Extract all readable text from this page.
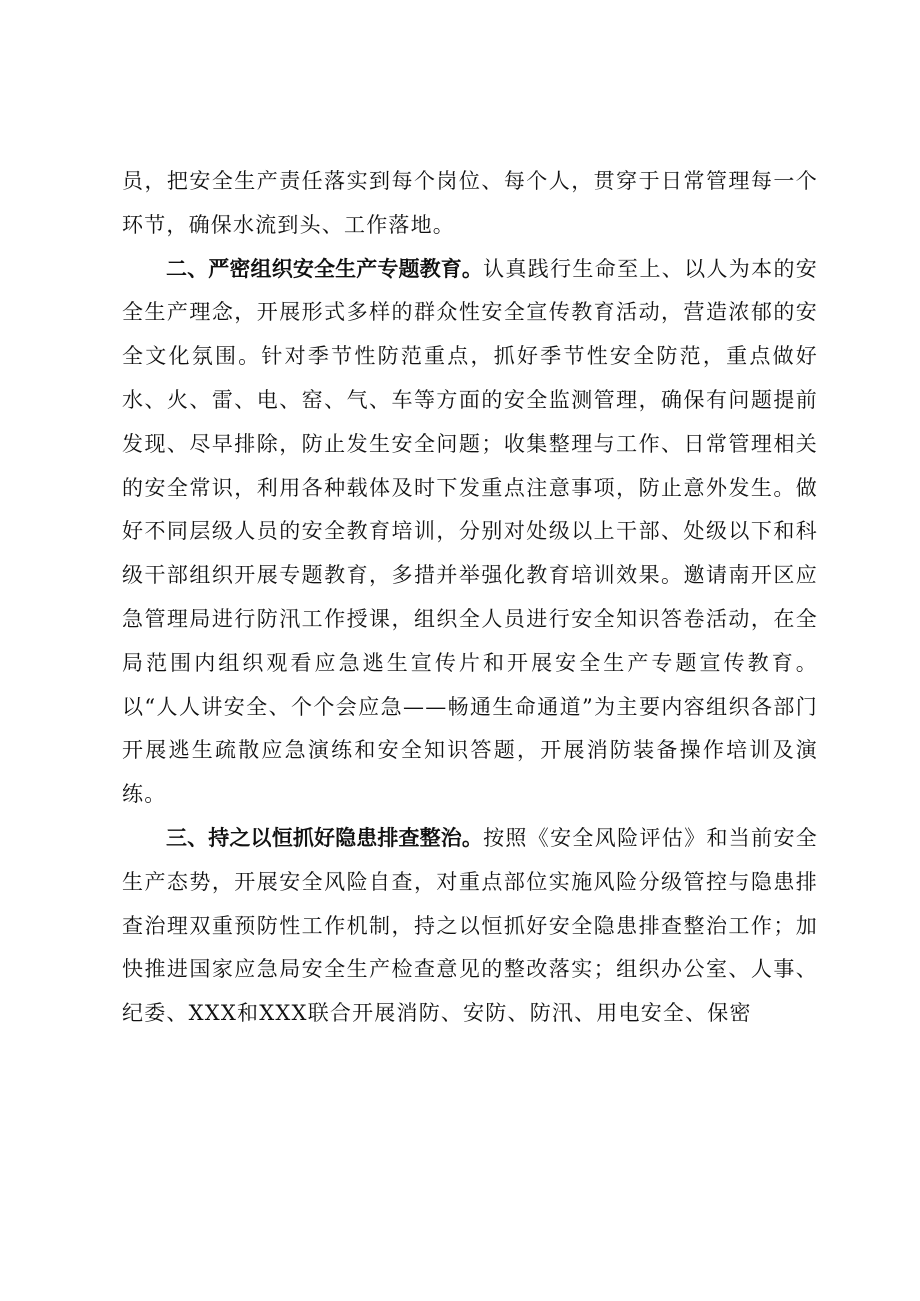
员，把安全生产责任落实到每个岗位、每个人，贯穿于日常管理每一个环节，确保水流到头、工作落地。

二、严密组织安全生产专题教育。认真践行生命至上、以人为本的安全生产理念，开展形式多样的群众性安全宣传教育活动，营造浓郁的安全文化氛围。针对季节性防范重点，抓好季节性安全防范，重点做好水、火、雷、电、窑、气、车等方面的安全监测管理，确保有问题提前发现、尽早排除，防止发生安全问题；收集整理与工作、日常管理相关的安全常识，利用各种载体及时下发重点注意事项，防止意外发生。做好不同层级人员的安全教育培训，分别对处级以上干部、处级以下和科级干部组织开展专题教育，多措并举强化教育培训效果。邀请南开区应急管理局进行防汛工作授课，组织全人员进行安全知识答卷活动，在全局范围内组织观看应急逃生宣传片和开展安全生产专题宣传教育。以“人人讲安全、个个会应急——畅通生命通道”为主要内容组织各部门开展逃生疏散应急演练和安全知识答题，开展消防装备操作培训及演练。

三、持之以恒抓好隐患排查整治。按照《安全风险评估》和当前安全生产态势，开展安全风险自查，对重点部位实施风险分级管控与隐患排查治理双重预防性工作机制，持之以恒抓好安全隐患排查整治工作；加快推进国家应急局安全生产检查意见的整改落实；组织办公室、人事、纪委、XXX和XXX联合开展消防、安防、防汛、用电安全、保密
